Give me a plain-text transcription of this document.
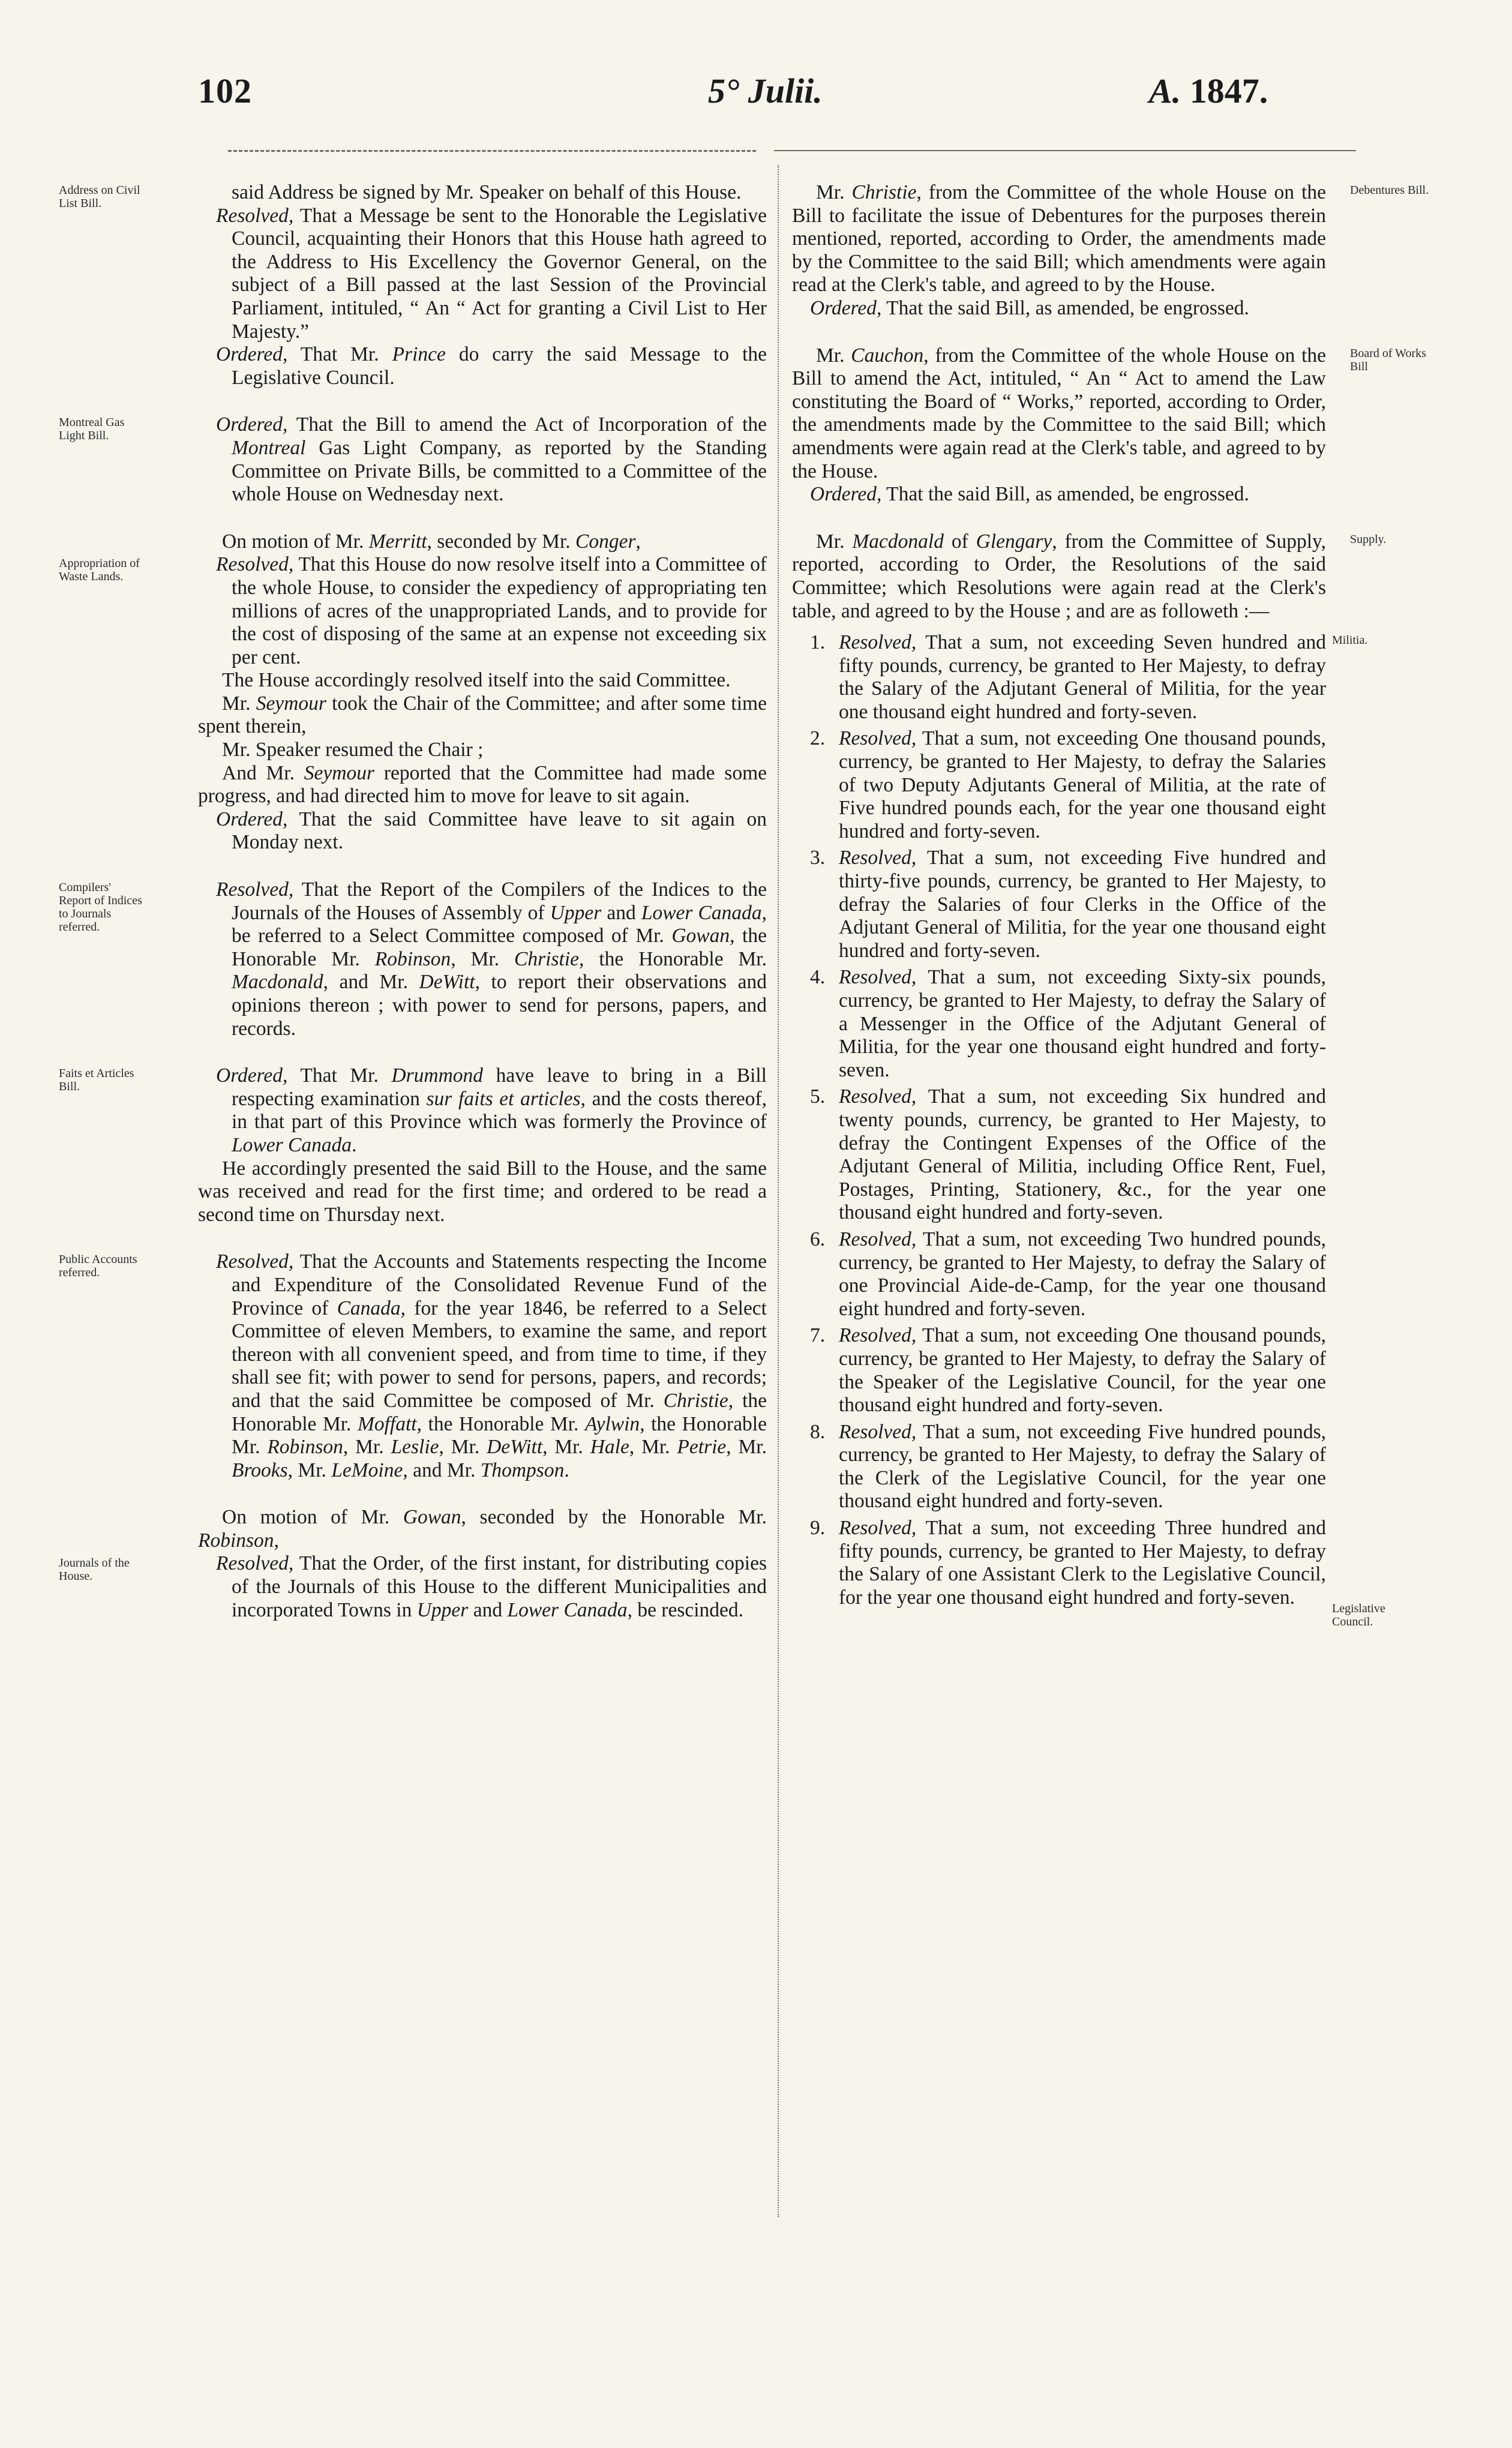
102	5° Julii.	A. 1847.
Address on Civil List Bill.	said Address be signed by Mr. Speaker on behalf of this House.

Resolved, That a Message be sent to the Honorable the Legislative Council, acquainting their Honors that this House hath agreed to the Address to His Excellency the Governor General, on the subject of a Bill passed at the last Session of the Provincial Parliament, intituled, “ An “ Act for granting a Civil List to Her Majesty.”

Ordered, That Mr. Prince do carry the said Message to the Legislative Council.

Montreal Gas Light Bill.	Ordered, That the Bill to amend the Act of Incorporation of the Montreal Gas Light Company, as reported by the Standing Committee on Private Bills, be committed to a Committee of the whole House on Wednesday next.

Appropriation of Waste Lands.

On motion of Mr. Merritt, seconded by Mr. Conger,

Resolved, That this House do now resolve itself into a Committee of the whole House, to consider the expediency of appropriating ten millions of acres of the unappropriated Lands, and to provide for the cost of disposing of the same at an expense not exceeding six per cent.

The House accordingly resolved itself into the said Committee.

Mr. Seymour took the Chair of the Committee; and after some time spent therein,

Mr. Speaker resumed the Chair ;

And Mr. Seymour reported that the Committee had made some progress, and had directed him to move for leave to sit again.

Ordered, That the said Committee have leave to sit again on Monday next.

Compilers' Report of Indices to Journals referred.

Resolved, That the Report of the Compilers of the Indices to the Journals of the Houses of Assembly of Upper and Lower Canada, be referred to a Select Committee composed of Mr. Gowan, the Honorable Mr. Robinson, Mr. Christie, the Honorable Mr. Macdonald, and Mr. DeWitt, to report their observations and opinions thereon ; with power to send for persons, papers, and records.

Faits et Articles Bill.	Ordered, That Mr. Drummond have leave to bring in a Bill respecting examination sur faits et articles, and the costs thereof, in that part of this Province which was formerly the Province of Lower Canada.

He accordingly presented the said Bill to the House, and the same was received and read for the first time; and ordered to be read a second time on Thursday next.

Public Accounts referred.	Resolved, That the Accounts and Statements respecting the Income and Expenditure of the Consolidated Revenue Fund of the Province of Canada, for the year 1846, be referred to a Select Committee of eleven Members, to examine the same, and report thereon with all convenient speed, and from time to time, if they shall see fit; with power to send for persons, papers, and records; and that the said Committee be composed of Mr. Christie, the Honorable Mr. Moffatt, the Honorable Mr. Aylwin, the Honorable Mr. Robinson, Mr. Leslie, Mr. DeWitt, Mr. Hale, Mr. Petrie, Mr. Brooks, Mr. LeMoine, and Mr. Thompson.

Journals of the House.

On motion of Mr. Gowan, seconded by the Honorable Mr. Robinson,

Resolved, That the Order, of the first instant, for distributing copies of the Journals of this House to the different Municipalities and incorporated Towns in Upper and Lower Canada, be rescinded.

Debentures Bill.

Mr. Christie, from the Committee of the whole House on the Bill to facilitate the issue of Debentures for the purposes therein mentioned, reported, according to Order, the amendments made by the Committee to the said Bill; which amendments were again read at the Clerk's table, and agreed to by the House.

Ordered, That the said Bill, as amended, be engrossed.

Board of Works Bill

Mr. Cauchon, from the Committee of the whole House on the Bill to amend the Act, intituled, “ An “ Act to amend the Law constituting the Board of “ Works,” reported, according to Order, the amendments made by the Committee to the said Bill; which amendments were again read at the Clerk's table, and agreed to by the House.

Ordered, That the said Bill, as amended, be engrossed.

Supply.

Mr. Macdonald of Glengary, from the Committee of Supply, reported, according to Order, the Resolutions of the said Committee; which Resolutions were again read at the Clerk's table, and agreed to by the House ; and are as followeth :—

Militia.
Legislative Council.

1. Resolved, That a sum, not exceeding Seven hundred and fifty pounds, currency, be granted to Her Majesty, to defray the Salary of the Adjutant General of Militia, for the year one thousand eight hundred and forty-seven.

2. Resolved, That a sum, not exceeding One thousand pounds, currency, be granted to Her Majesty, to defray the Salaries of two Deputy Adjutants General of Militia, at the rate of Five hundred pounds each, for the year one thousand eight hundred and forty-seven.

3. Resolved, That a sum, not exceeding Five hundred and thirty-five pounds, currency, be granted to Her Majesty, to defray the Salaries of four Clerks in the Office of the Adjutant General of Militia, for the year one thousand eight hundred and forty-seven.

4. Resolved, That a sum, not exceeding Sixty-six pounds, currency, be granted to Her Majesty, to defray the Salary of a Messenger in the Office of the Adjutant General of Militia, for the year one thousand eight hundred and forty-seven.

5. Resolved, That a sum, not exceeding Six hundred and twenty pounds, currency, be granted to Her Majesty, to defray the Contingent Expenses of the Office of the Adjutant General of Militia, including Office Rent, Fuel, Postages, Printing, Stationery, &c., for the year one thousand eight hundred and forty-seven.

6. Resolved, That a sum, not exceeding Two hundred pounds, currency, be granted to Her Majesty, to defray the Salary of one Provincial Aide-de-Camp, for the year one thousand eight hundred and forty-seven.

7. Resolved, That a sum, not exceeding One thousand pounds, currency, be granted to Her Majesty, to defray the Salary of the Speaker of the Legislative Council, for the year one thousand eight hundred and forty-seven.

8. Resolved, That a sum, not exceeding Five hundred pounds, currency, be granted to Her Majesty, to defray the Salary of the Clerk of the Legislative Council, for the year one thousand eight hundred and forty-seven.

9. Resolved, That a sum, not exceeding Three hundred and fifty pounds, currency, be granted to Her Majesty, to defray the Salary of one Assistant Clerk to the Legislative Council, for the year one thousand eight hundred and forty-seven.
